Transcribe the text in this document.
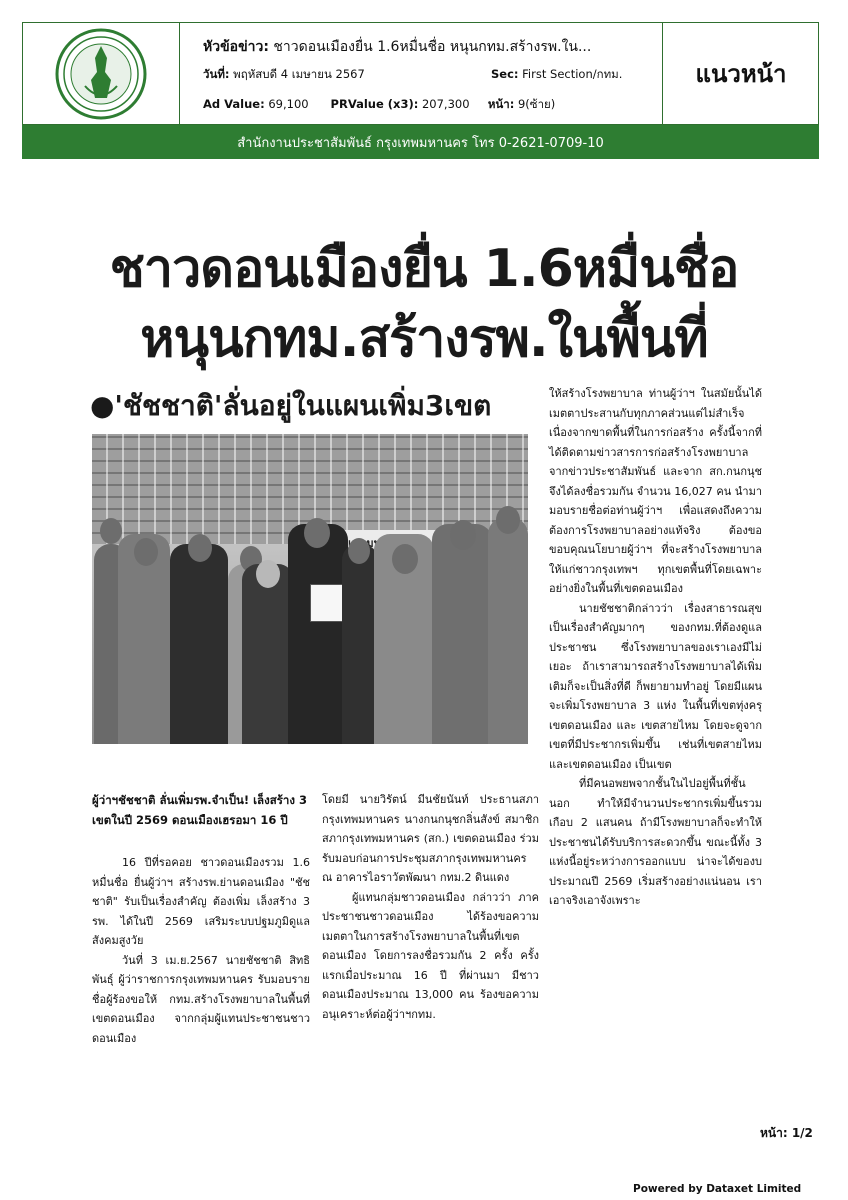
หัวข้อข่าว: ชาวดอนเมืองยื่น 1.6หมื่นชื่อ หนุนกทม.สร้างรพ.ใน...
วันที่: พฤหัสบดี 4 เมษายน 2567	Sec: First Section/กทม.
Ad Value: 69,100 PRValue (x3): 207,300 หน้า: 9(ซ้าย)
แนวหน้า
สำนักงานประชาสัมพันธ์ กรุงเทพมหานคร โทร 0-2621-0709-10
ชาวดอนเมืองยื่น 1.6หมื่นชื่อ
หนุนกทม.สร้างรพ.ในพื้นที่
●'ชัชชาติ'ลั่นอยู่ในแผนเพิ่ม3เขต

ผู้ว่าฯชัชชาติ ลั่นเพิ่มรพ.จำเป็น! เล็งสร้าง 3 เขตในปี 2569 ดอนเมืองเฮรอมา 16 ปี

16 ปีที่รอคอย ชาวดอนเมืองรวม 1.6 หมื่นชื่อ ยื่นผู้ว่าฯ สร้างรพ.ย่านดอนเมือง "ชัชชาติ" รับเป็นเรื่องสำคัญ ต้องเพิ่ม เล็งสร้าง 3 รพ. ได้ในปี 2569 เสริมระบบปฐมภูมิดูแลสังคมสูงวัย

วันที่ 3 เม.ย.2567 นายชัชชาติ สิทธิพันธุ์ ผู้ว่าราชการกรุงเทพมหานคร รับมอบรายชื่อผู้ร้องขอให้ กทม.สร้างโรงพยาบาลในพื้นที่เขตดอนเมือง จากกลุ่มผู้แทนประชาชนชาวดอนเมือง

โดยมี นายวิรัตน์ มีนชัยนันท์ ประธานสภากรุงเทพมหานคร นางกนกนุชกลิ่นสังข์ สมาชิกสภากรุงเทพมหานคร (สก.) เขตดอนเมือง ร่วมรับมอบก่อนการประชุมสภากรุงเทพมหานคร ณ อาคารไอราวัตพัฒนา กทม.2 ดินแดง

ผู้แทนกลุ่มชาวดอนเมือง กล่าวว่า ภาคประชาชนชาวดอนเมือง ได้ร้องขอความเมตตาในการสร้างโรงพยาบาลในพื้นที่เขตดอนเมือง โดยการลงชื่อรวมกัน 2 ครั้ง ครั้งแรกเมื่อประมาณ 16 ปี ที่ผ่านมา มีชาวดอนเมืองประมาณ 13,000 คน ร้องขอความอนุเคราะห์ต่อผู้ว่าฯกทม.

ให้สร้างโรงพยาบาล ท่านผู้ว่าฯ ในสมัยนั้นได้เมตตาประสานกับทุกภาคส่วนแต่ไม่สำเร็จ เนื่องจากขาดพื้นที่ในการก่อสร้าง ครั้งนี้จากที่ได้ติดตามข่าวสารการก่อสร้างโรงพยาบาลจากข่าวประชาสัมพันธ์ และจาก สก.กนกนุช จึงได้ลงชื่อรวมกัน จำนวน 16,027 คน นำมามอบรายชื่อต่อท่านผู้ว่าฯ เพื่อแสดงถึงความต้องการโรงพยาบาลอย่างแท้จริง ต้องขอขอบคุณนโยบายผู้ว่าฯ ที่จะสร้างโรงพยาบาลให้แก่ชาวกรุงเทพฯ ทุกเขตพื้นที่โดยเฉพาะอย่างยิ่งในพื้นที่เขตดอนเมือง

นายชัชชาติกล่าวว่า เรื่องสาธารณสุขเป็นเรื่องสำคัญมากๆ ของกทม.ที่ต้องดูแลประชาชน ซึ่งโรงพยาบาลของเราเองมีไม่เยอะ ถ้าเราสามารถสร้างโรงพยาบาลได้เพิ่มเติมก็จะเป็นสิ่งที่ดี ก็พยายามทำอยู่ โดยมีแผนจะเพิ่มโรงพยาบาล 3 แห่ง ในพื้นที่เขตทุ่งครุ เขตดอนเมือง และ เขตสายไหม โดยจะดูจากเขตที่มีประชากรเพิ่มขึ้น เช่นที่เขตสายไหม และเขตดอนเมือง เป็นเขต

ที่มีคนอพยพจากชั้นในไปอยู่พื้นที่ชั้นนอก ทำให้มีจำนวนประชากรเพิ่มขึ้นรวมเกือบ 2 แสนคน ถ้ามีโรงพยาบาลก็จะทำให้ประชาชนได้รับบริการสะดวกขึ้น ขณะนี้ทั้ง 3 แห่งนี้อยู่ระหว่างการออกแบบ น่าจะได้ของบประมาณปี 2569 เริ่มสร้างอย่างแน่นอน เราเอาจริงเอาจังเพราะ

หน้า: 1/2
Powered by Dataxet Limited
